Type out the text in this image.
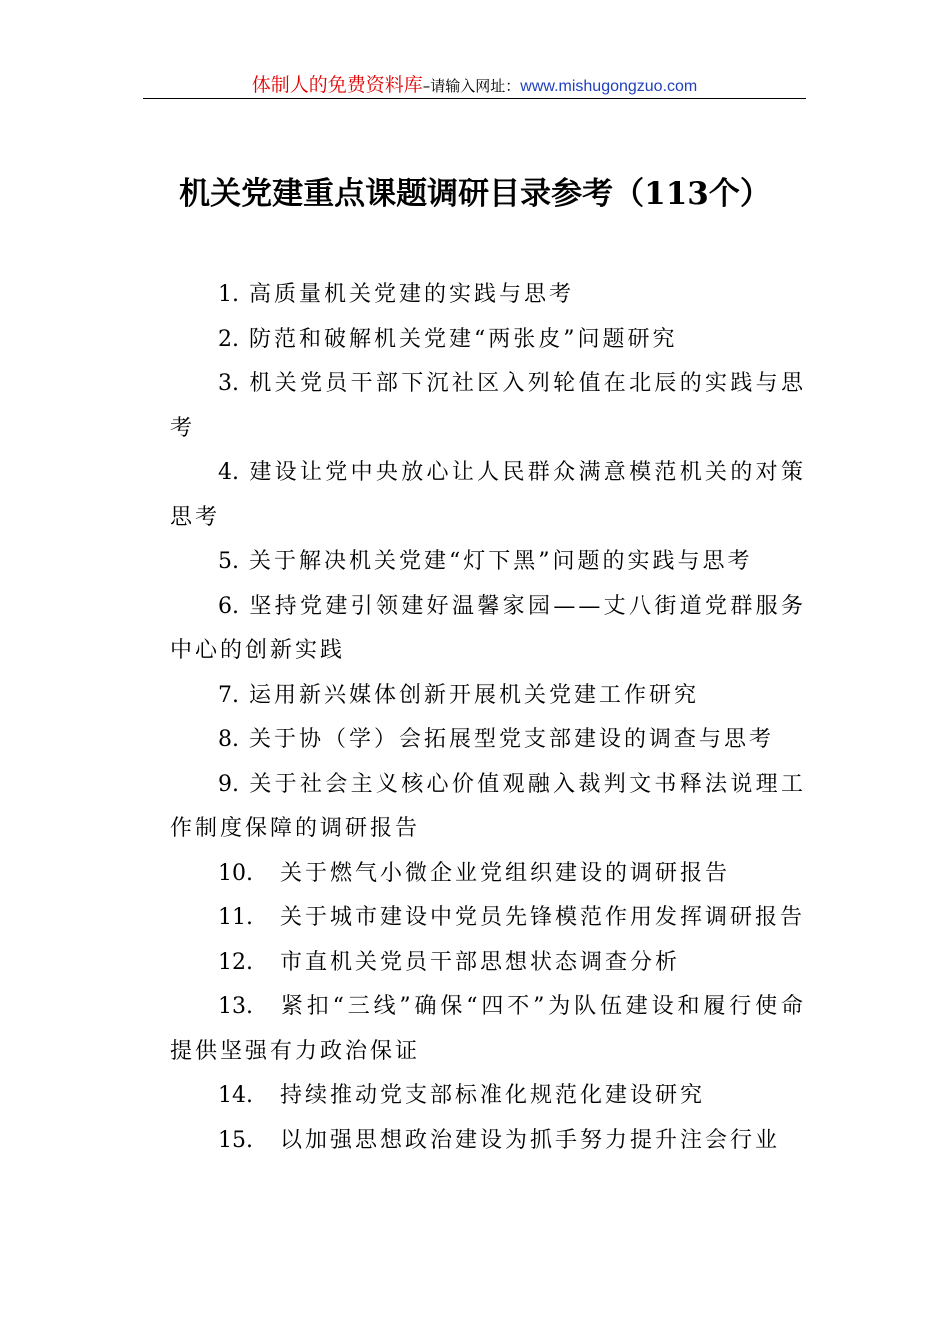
体制人的免费资料库–请输入网址：www.mishugongzuo.com
机关党建重点课题调研目录参考（113个）
1. 高质量机关党建的实践与思考
2. 防范和破解机关党建“两张皮”问题研究
3. 机关党员干部下沉社区入列轮值在北辰的实践与思考
4. 建设让党中央放心让人民群众满意模范机关的对策思考
5. 关于解决机关党建“灯下黑”问题的实践与思考
6. 坚持党建引领建好温馨家园——丈八街道党群服务中心的创新实践
7. 运用新兴媒体创新开展机关党建工作研究
8. 关于协（学）会拓展型党支部建设的调查与思考
9. 关于社会主义核心价值观融入裁判文书释法说理工作制度保障的调研报告
10. 关于燃气小微企业党组织建设的调研报告
11. 关于城市建设中党员先锋模范作用发挥调研报告
12. 市直机关党员干部思想状态调查分析
13. 紧扣“三线”确保“四不”为队伍建设和履行使命提供坚强有力政治保证
14. 持续推动党支部标准化规范化建设研究
15. 以加强思想政治建设为抓手努力提升注会行业
